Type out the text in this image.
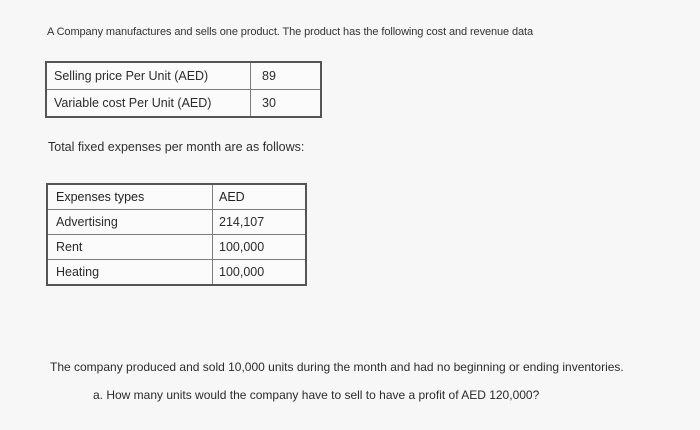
A Company manufactures and sells one product. The product has the following cost and revenue data
Selling price Per Unit (AED)	89
Variable cost Per Unit (AED)	30
Total fixed expenses per month are as follows:
Expenses types	AED
Advertising	214,107
Rent	100,000
Heating	100,000
The company produced and sold 10,000 units during the month and had no beginning or ending inventories.
a. How many units would the company have to sell to have a profit of AED 120,000?
